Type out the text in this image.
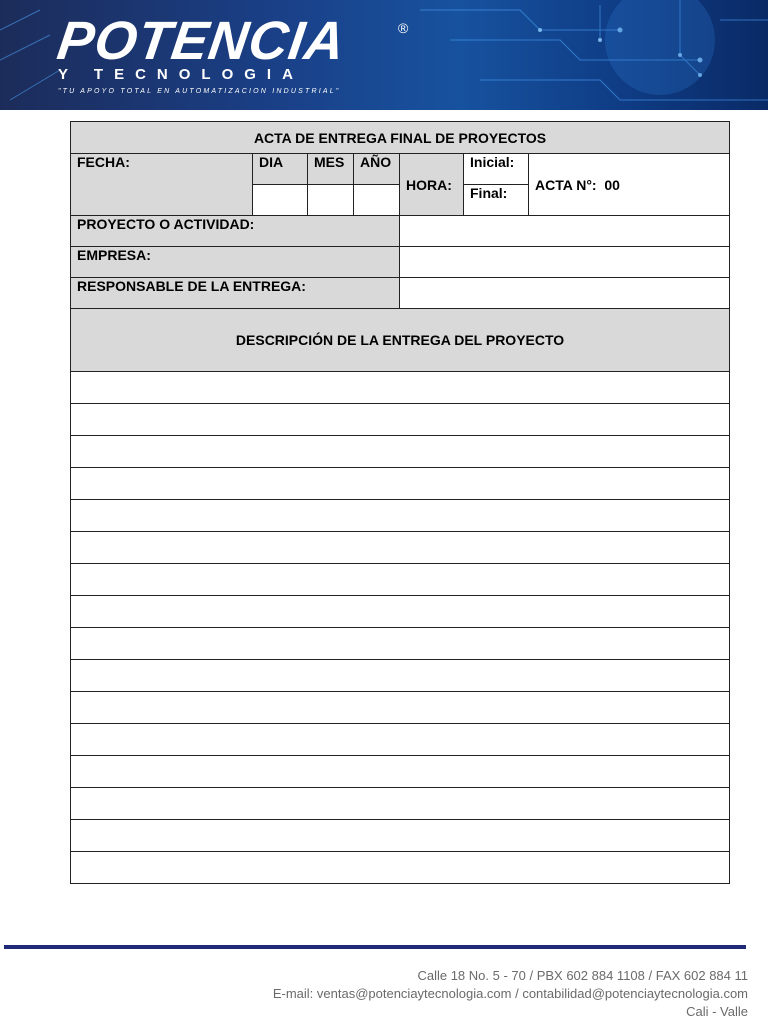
POTENCIA	®
Y TECNOLOGIA
"TU APOYO TOTAL EN AUTOMATIZACION INDUSTRIAL"
ACTA DE ENTREGA FINAL DE PROYECTOS						
FECHA:	DIA	MES	AÑO	HORA:	Inicial:	ACTA N°: 00
					Final:	
PROYECTO O ACTIVIDAD:						
EMPRESA:						
RESPONSABLE DE LA ENTREGA:						
DESCRIPCIÓN DE LA ENTREGA DEL PROYECTO						

Calle 18 No. 5 - 70 / PBX 602 884 1108 / FAX 602 884 11
E-mail: ventas@potenciaytecnologia.com / contabilidad@potenciaytecnologia.com
Cali - Valle
